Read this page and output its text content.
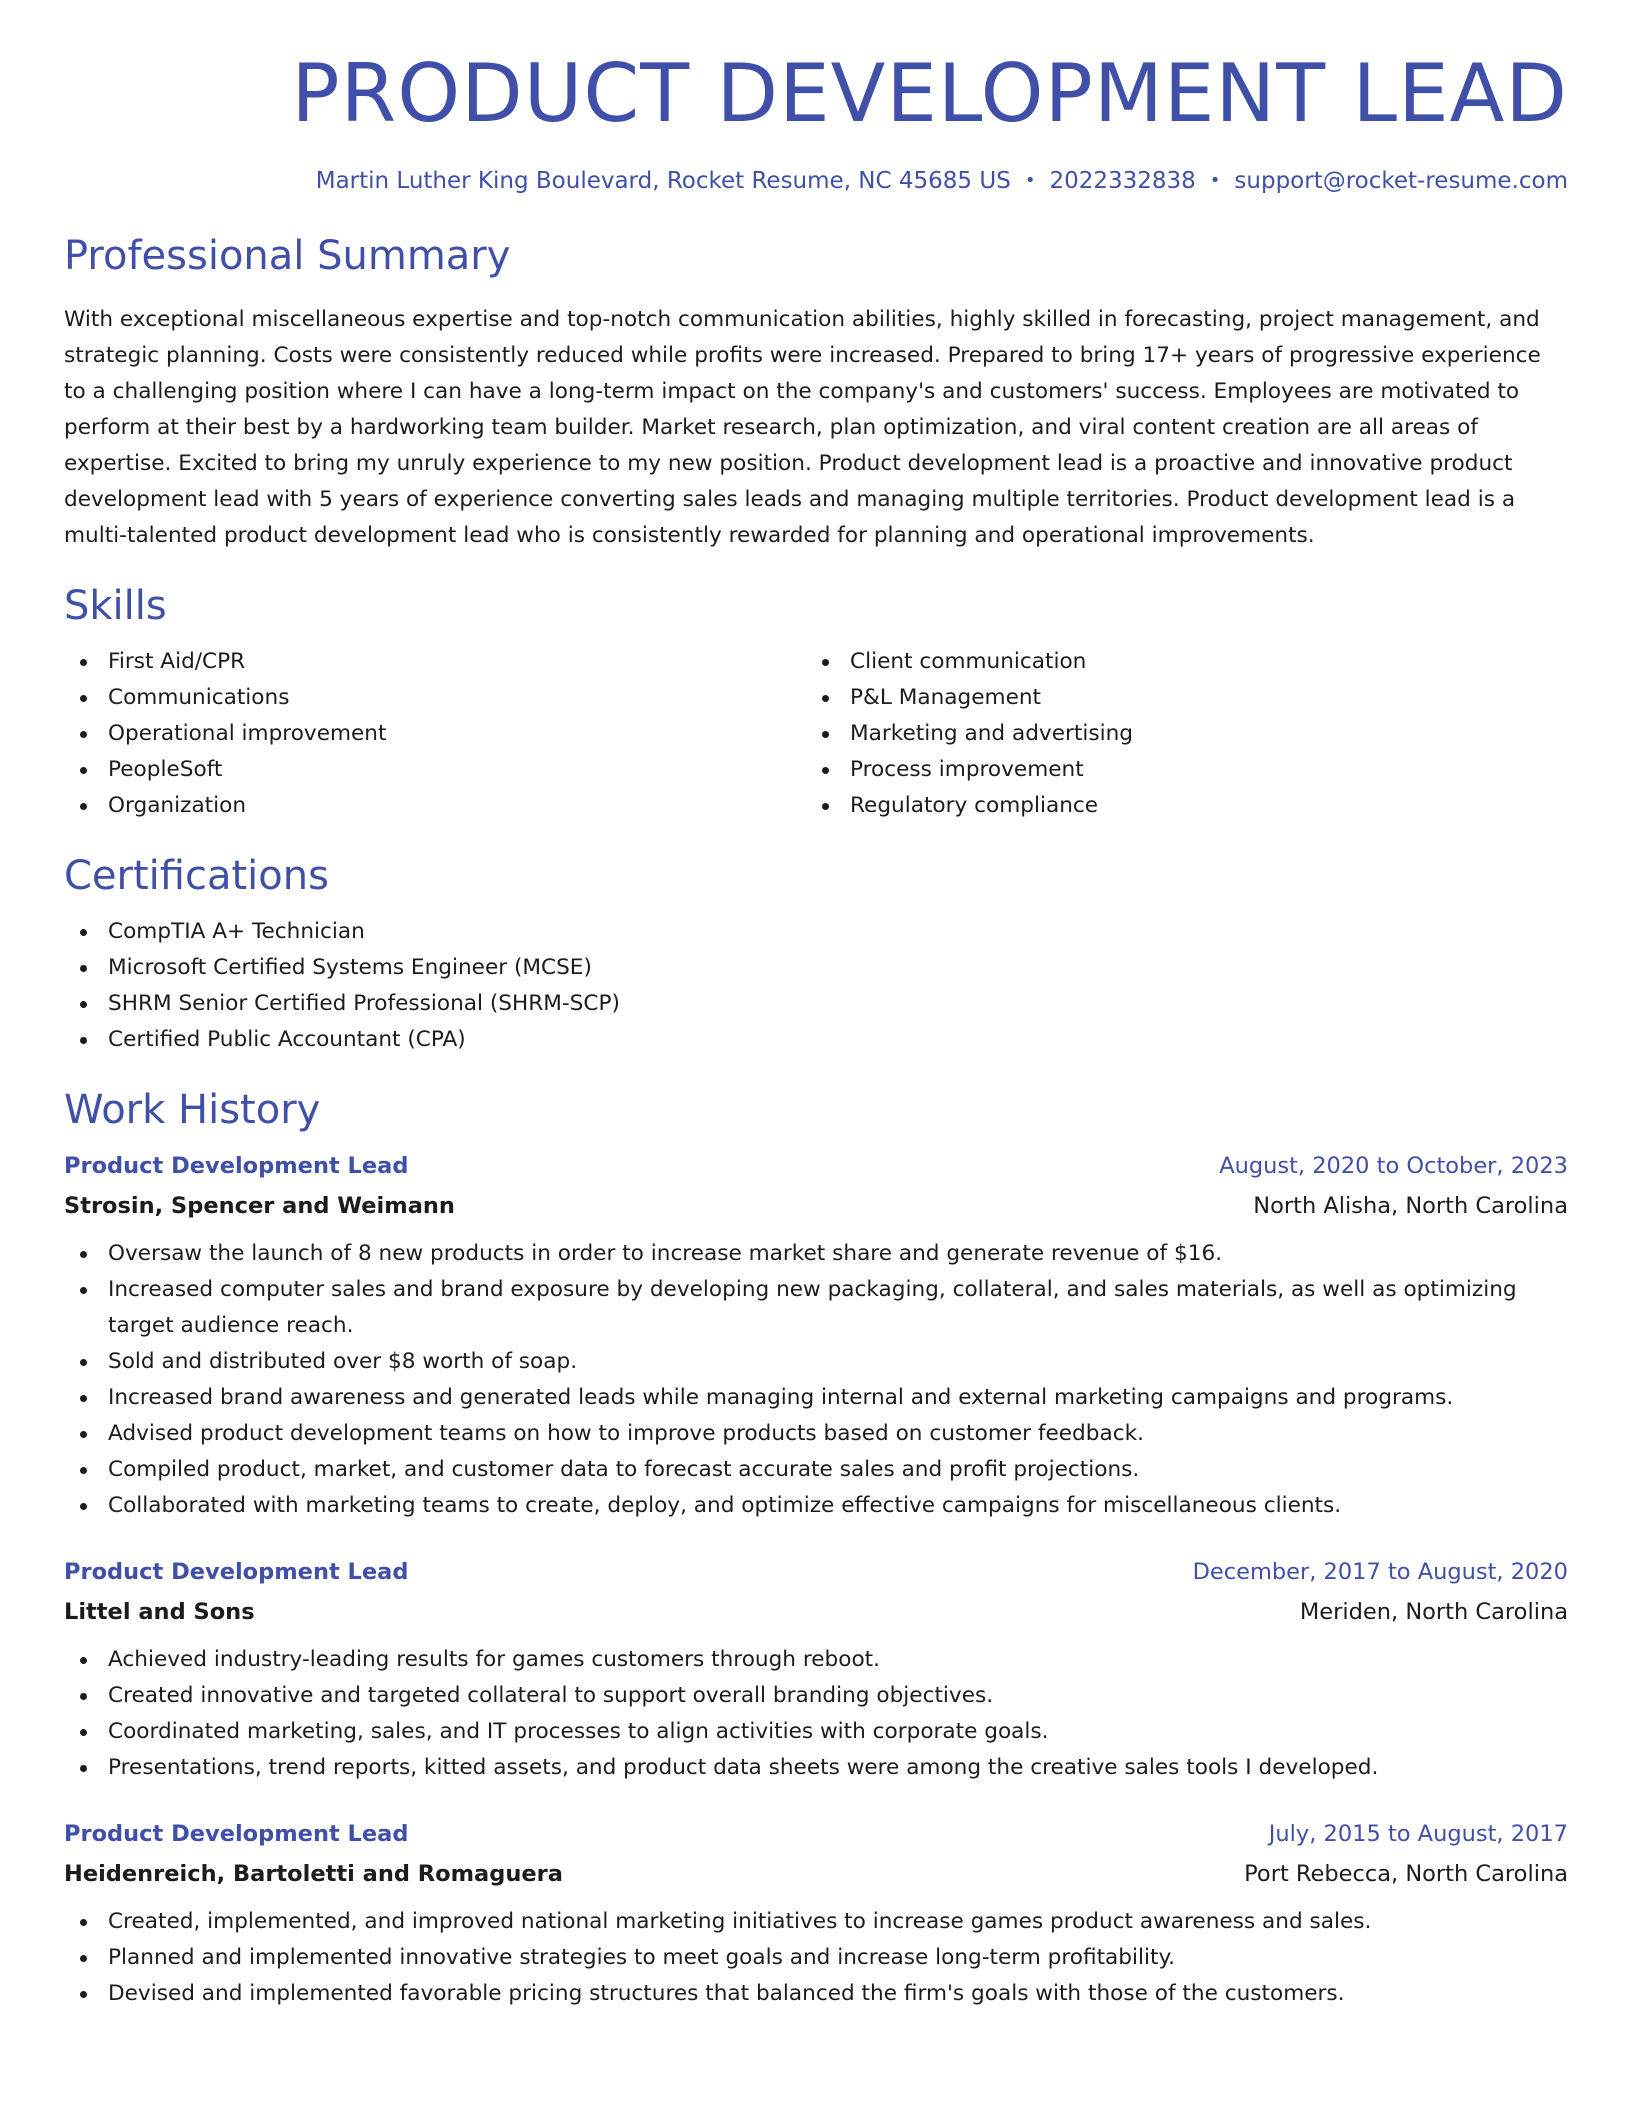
PRODUCT DEVELOPMENT LEAD
Martin Luther King Boulevard, Rocket Resume, NC 45685 US • 2022332838 • support@rocket-resume.com
Professional Summary

With exceptional miscellaneous expertise and top-notch communication abilities, highly skilled in forecasting, project management, and strategic planning. Costs were consistently reduced while profits were increased. Prepared to bring 17+ years of progressive experience to a challenging position where I can have a long-term impact on the company's and customers' success. Employees are motivated to perform at their best by a hardworking team builder. Market research, plan optimization, and viral content creation are all areas of expertise. Excited to bring my unruly experience to my new position. Product development lead is a proactive and innovative product development lead with 5 years of experience converting sales leads and managing multiple territories. Product development lead is a multi-talented product development lead who is consistently rewarded for planning and operational improvements.

Skills
First Aid/CPR
Communications
Operational improvement
PeopleSoft
Organization
Client communication
P&L Management
Marketing and advertising
Process improvement
Regulatory compliance
Certifications
CompTIA A+ Technician
Microsoft Certified Systems Engineer (MCSE)
SHRM Senior Certified Professional (SHRM-SCP)
Certified Public Accountant (CPA)
Work History
Product Development Lead	August, 2020 to October, 2023
Strosin, Spencer and Weimann	North Alisha, North Carolina
Oversaw the launch of 8 new products in order to increase market share and generate revenue of $16.
Increased computer sales and brand exposure by developing new packaging, collateral, and sales materials, as well as optimizing target audience reach.
Sold and distributed over $8 worth of soap.
Increased brand awareness and generated leads while managing internal and external marketing campaigns and programs.
Advised product development teams on how to improve products based on customer feedback.
Compiled product, market, and customer data to forecast accurate sales and profit projections.
Collaborated with marketing teams to create, deploy, and optimize effective campaigns for miscellaneous clients.
Product Development Lead	December, 2017 to August, 2020
Littel and Sons	Meriden, North Carolina
Achieved industry-leading results for games customers through reboot.
Created innovative and targeted collateral to support overall branding objectives.
Coordinated marketing, sales, and IT processes to align activities with corporate goals.
Presentations, trend reports, kitted assets, and product data sheets were among the creative sales tools I developed.
Product Development Lead	July, 2015 to August, 2017
Heidenreich, Bartoletti and Romaguera	Port Rebecca, North Carolina
Created, implemented, and improved national marketing initiatives to increase games product awareness and sales.
Planned and implemented innovative strategies to meet goals and increase long-term profitability.
Devised and implemented favorable pricing structures that balanced the firm's goals with those of the customers.
